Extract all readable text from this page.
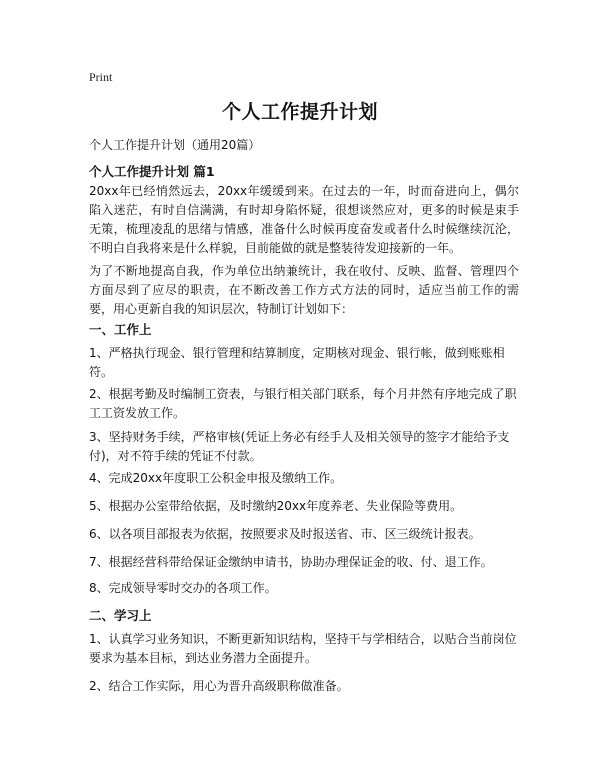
Print
个人工作提升计划
个人工作提升计划（通用20篇）
个人工作提升计划 篇1
20xx年已经悄然远去，20xx年缓缓到来。在过去的一年，时而奋进向上，偶尔陷入迷茫，有时自信满满，有时却身陷怀疑，很想谈然应对，更多的时候是束手无策，梳理凌乱的思绪与情感，准备什么时候再度奋发或者什么时候继续沉沦，不明白自我将来是什么样貌，目前能做的就是整装待发迎接新的一年。
为了不断地提高自我，作为单位出纳兼统计，我在收付、反映、监督、管理四个方面尽到了应尽的职责，在不断改善工作方式方法的同时，适应当前工作的需要，用心更新自我的知识层次，特制订计划如下：
一、工作上
1、严格执行现金、银行管理和结算制度，定期核对现金、银行帐，做到账账相符。
2、根据考勤及时编制工资表，与银行相关部门联系，每个月井然有序地完成了职工工资发放工作。
3、坚持财务手续，严格审核(凭证上务必有经手人及相关领导的签字才能给予支付)，对不符手续的凭证不付款。
4、完成20xx年度职工公积金申报及缴纳工作。
5、根据办公室带给依据，及时缴纳20xx年度养老、失业保险等费用。
6、以各项目部报表为依据，按照要求及时报送省、市、区三级统计报表。
7、根据经营科带给保证金缴纳申请书，协助办理保证金的收、付、退工作。
8、完成领导零时交办的各项工作。
二、学习上
1、认真学习业务知识，不断更新知识结构，坚持干与学相结合，以贴合当前岗位要求为基本目标，到达业务潜力全面提升。
2、结合工作实际，用心为晋升高级职称做准备。
